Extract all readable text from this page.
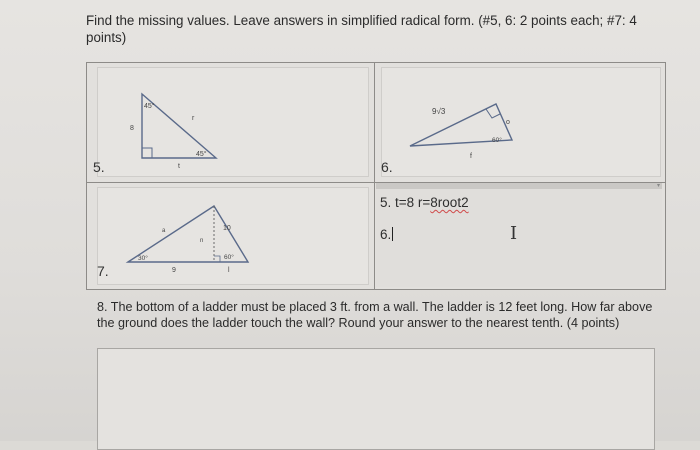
Find the missing values. Leave answers in simplified radical form. (#5, 6: 2 points each; #7: 4 points)
45°
8
r
45°
t
5.
9√3
o
60°
f
6.
a
n
10
30°	60°
9	l
7.
▾
5. t=8 r=8root2
6.	I
8. The bottom of a ladder must be placed 3 ft. from a wall. The ladder is 12 feet long. How far above the ground does the ladder touch the wall? Round your answer to the nearest tenth. (4 points)
